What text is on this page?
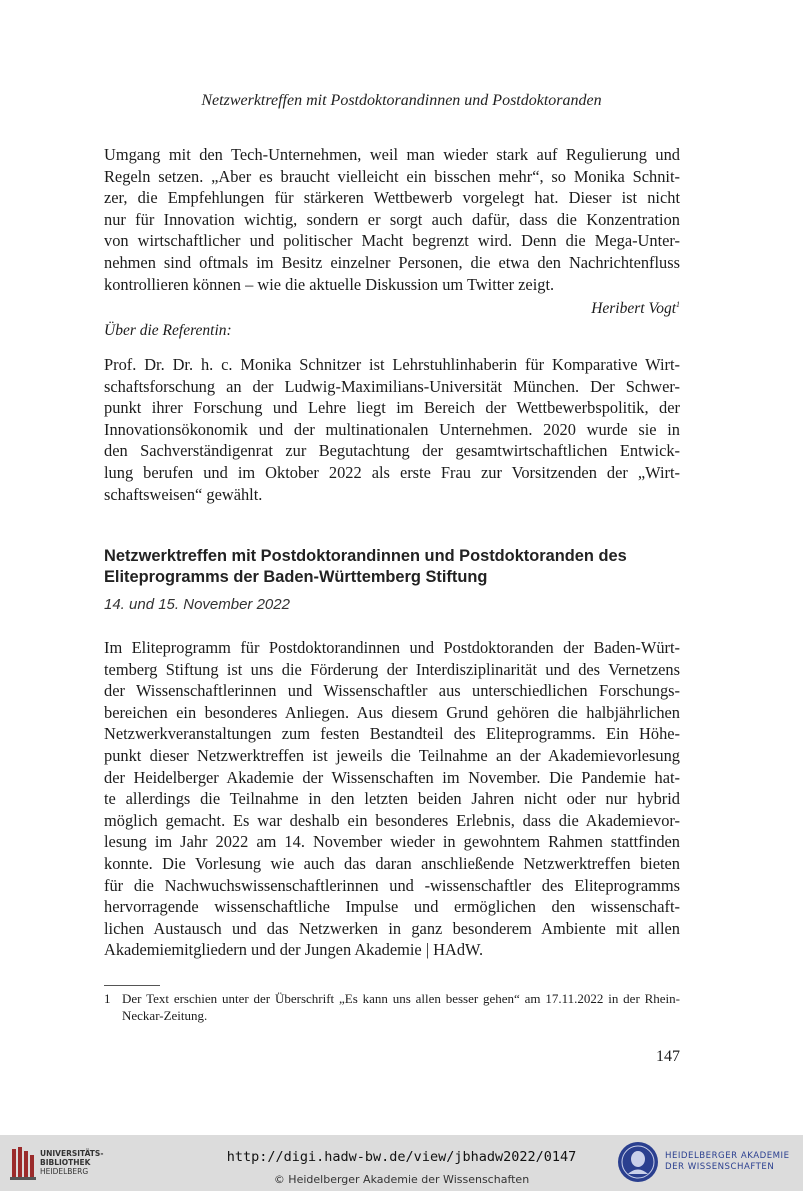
Netzwerktreffen mit Postdoktorandinnen und Postdoktoranden

Umgang mit den Tech-Unternehmen, weil man wieder stark auf Regulierung und
Regeln setzen. „Aber es braucht vielleicht ein bisschen mehr“, so Monika Schnit-
zer, die Empfehlungen für stärkeren Wettbewerb vorgelegt hat. Dieser ist nicht
nur für Innovation wichtig, sondern er sorgt auch dafür, dass die Konzentration
von wirtschaftlicher und politischer Macht begrenzt wird. Denn die Mega-Unter-
nehmen sind oftmals im Besitz einzelner Personen, die etwa den Nachrichtenfluss
kontrollieren können – wie die aktuelle Diskussion um Twitter zeigt.

Heribert Vogt$^1$
Über die Referentin:

Prof. Dr. Dr. h. c. Monika Schnitzer ist Lehrstuhlinhaberin für Komparative Wirt-
schaftsforschung an der Ludwig-Maximilians-Universität München. Der Schwer-
punkt ihrer Forschung und Lehre liegt im Bereich der Wettbewerbspolitik, der
Innovationsökonomik und der multinationalen Unternehmen. 2020 wurde sie in
den Sachverständigenrat zur Begutachtung der gesamtwirtschaftlichen Entwick-
lung berufen und im Oktober 2022 als erste Frau zur Vorsitzenden der „Wirt-
schaftsweisen“ gewählt.

Netzwerktreffen mit Postdoktorandinnen und Postdoktoranden des Eliteprogramms der Baden-Württemberg Stiftung
14. und 15. November 2022

Im Eliteprogramm für Postdoktorandinnen und Postdoktoranden der Baden-Würt-
temberg Stiftung ist uns die Förderung der Interdisziplinarität und des Vernetzens
der Wissenschaftlerinnen und Wissenschaftler aus unterschiedlichen Forschungs-
bereichen ein besonderes Anliegen. Aus diesem Grund gehören die halbjährlichen
Netzwerkveranstaltungen zum festen Bestandteil des Eliteprogramms. Ein Höhe-
punkt dieser Netzwerktreffen ist jeweils die Teilnahme an der Akademievorlesung
der Heidelberger Akademie der Wissenschaften im November. Die Pandemie hat-
te allerdings die Teilnahme in den letzten beiden Jahren nicht oder nur hybrid
möglich gemacht. Es war deshalb ein besonderes Erlebnis, dass die Akademievor-
lesung im Jahr 2022 am 14. November wieder in gewohntem Rahmen stattfinden
konnte. Die Vorlesung wie auch das daran anschließende Netzwerktreffen bieten
für die Nachwuchswissenschaftlerinnen und -wissenschaftler des Eliteprogramms
hervorragende wissenschaftliche Impulse und ermöglichen den wissenschaft-
lichen Austausch und das Netzwerken in ganz besonderem Ambiente mit allen
Akademiemitgliedern und der Jungen Akademie | HAdW.

1 Der Text erschien unter der Überschrift „Es kann uns allen besser gehen“ am 17.11.2022 in der Rhein-Neckar-Zeitung.
147
UNIVERSITÄTS-
BIBLIOTHEK
HEIDELBERG
http://digi.hadw-bw.de/view/jbhadw2022/0147
© Heidelberger Akademie der Wissenschaften
HEIDELBERGER AKADEMIE
DER WISSENSCHAFTEN
